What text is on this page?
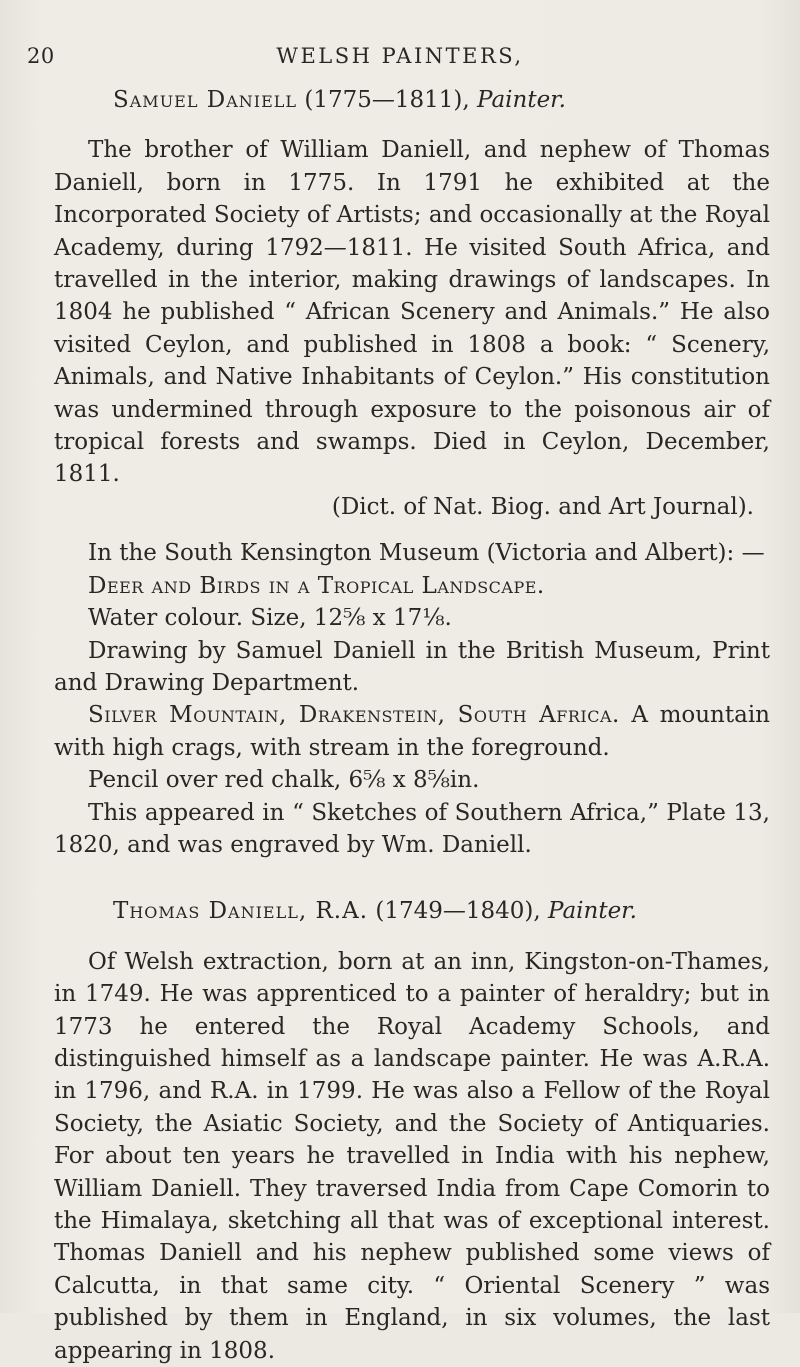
20	WELSH PAINTERS,
Samuel Daniell (1775—1811), Painter.

The brother of William Daniell, and nephew of Thomas Daniell, born in 1775. In 1791 he exhibited at the Incorporated Society of Artists; and occasionally at the Royal Academy, during 1792—1811. He visited South Africa, and travelled in the interior, making drawings of landscapes. In 1804 he published “ African Scenery and Animals.” He also visited Ceylon, and published in 1808 a book: “ Scenery, Animals, and Native Inhabitants of Ceylon.” His constitution was undermined through exposure to the poisonous air of tropical forests and swamps. Died in Ceylon, December, 1811.

(Dict. of Nat. Biog. and Art Journal).

In the South Kensington Museum (Victoria and Albert): —

Deer and Birds in a Tropical Landscape.

Water colour. Size, 12⅝ x 17⅛.

Drawing by Samuel Daniell in the British Museum, Print and Drawing Department.

Silver Mountain, Drakenstein, South Africa. A mountain with high crags, with stream in the foreground.

Pencil over red chalk, 6⅝ x 8⅝in.

This appeared in “ Sketches of Southern Africa,” Plate 13, 1820, and was engraved by Wm. Daniell.

Thomas Daniell, R.A. (1749—1840), Painter.

Of Welsh extraction, born at an inn, Kingston-on-Thames, in 1749. He was apprenticed to a painter of heraldry; but in 1773 he entered the Royal Academy Schools, and distinguished himself as a landscape painter. He was A.R.A. in 1796, and R.A. in 1799. He was also a Fellow of the Royal Society, the Asiatic Society, and the Society of Antiquaries. For about ten years he travelled in India with his nephew, William Daniell. They traversed India from Cape Comorin to the Himalaya, sketching all that was of exceptional interest. Thomas Daniell and his nephew published some views of Calcutta, in that same city. “ Oriental Scenery ” was published by them in England, in six volumes, the last appearing in 1808.
